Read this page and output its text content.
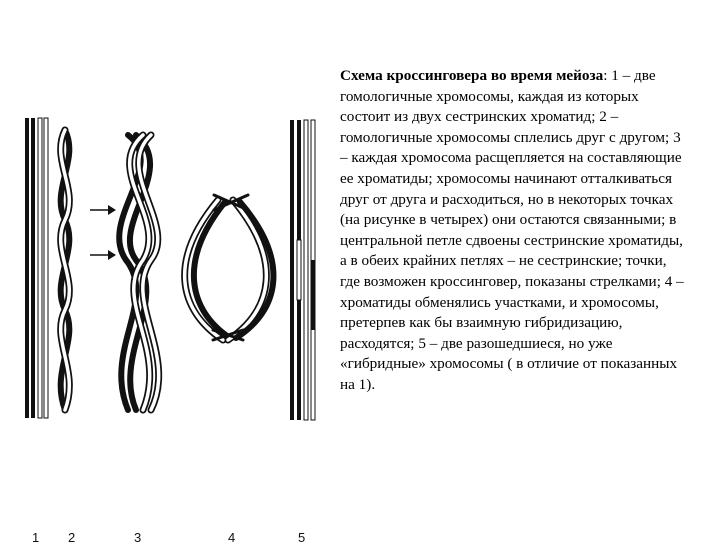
1 2	3	4	5
Схема кроссинговера во время мейоза: 1 – две гомологичные хромосомы, каждая из которых состоит из двух сестринских хроматид; 2 – гомологичные хромосомы сплелись друг с другом; 3 – каждая хромосома расщепляется на составляющие ее хроматиды; хромосомы начинают отталкиваться друг от друга и расходиться, но в некоторых точках (на рисунке в четырех) они остаются связанными; в центральной петле сдвоены сестринские хроматиды, а в обеих крайних петлях – не сестринские; точки, где возможен кроссинговер, показаны стрелками; 4 – хроматиды обменялись участками, и хромосомы, претерпев как бы взаимную гибридизацию, расходятся; 5 – две разошедшиеся, но уже «гибридные» хромосомы ( в отличие от показанных на 1).
